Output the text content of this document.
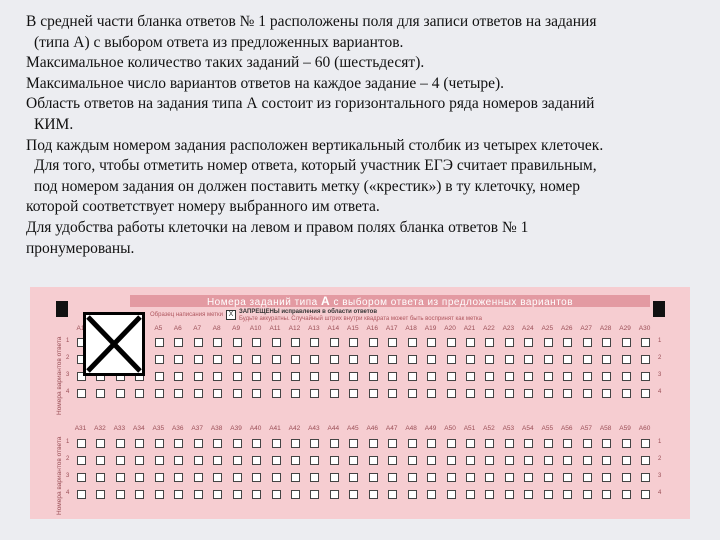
В средней части бланка ответов № 1 расположены поля для записи ответов на задания

(типа А) с выбором ответа из предложенных вариантов.

Максимальное количество таких заданий – 60 (шестьдесят).

Максимальное число вариантов ответов на каждое задание – 4 (четыре).

Область ответов на задания типа А состоит из горизонтального ряда номеров заданий

КИМ.

Под каждым номером задания расположен вертикальный столбик из четырех клеточек.

Для того, чтобы отметить номер ответа, который участник ЕГЭ считает правильным,

под номером задания он должен поставить метку («крестик») в ту клеточку, номер

которой соответствует номеру выбранного им ответа.

Для удобства работы клеточки на левом и правом полях бланка ответов № 1

пронумерованы.

Номера заданий типа А с выбором ответа из предложенных вариантов
Образец написания метки Х ЗАПРЕЩЕНЫ исправления в области ответов
Будьте аккуратны. Случайный штрих внутри квадрата может быть воспринят как метка
Номера вариантов ответа
Номера вариантов ответа
A1	A5	A6	A7	A8	A9	A10	A11	A12 A13 A14 A15 A16 A17 A18 A19 A20 A21 A22 A23 A24 A25 A26 A27 A28 A29 A30
1	1
2	2
3	3
4	4
A31 A32 A33 A34 A35 A36 A37 A38 A39 A40 A41 A42 A43 A44 A45 A46 A47 A48 A49 A50 A51 A52 A53 A54 A55 A56 A57 A58 A59 A60
1	1
2	2
3	3
4	4
